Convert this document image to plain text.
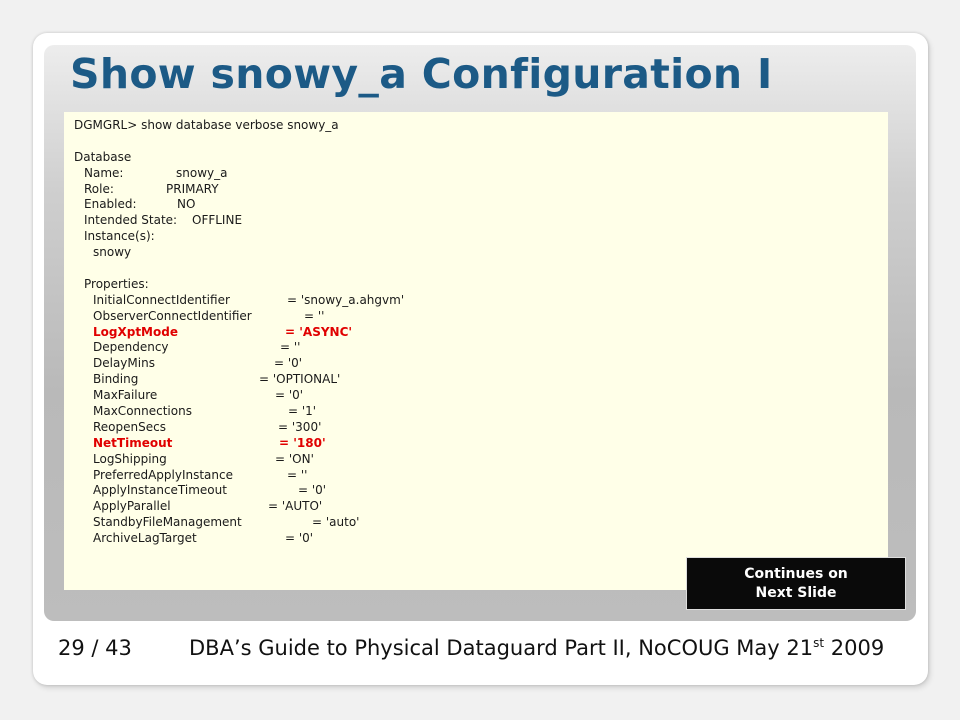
Show snowy_a Configuration I
DGMGRL> show database verbose snowy_a

Database
Name:	snowy_a
Role:	PRIMARY
Enabled:	NO
Intended State: OFFLINE
Instance(s):
snowy

Properties:
InitialConnectIdentifier	= 'snowy_a.ahgvm'
ObserverConnectIdentifier	= ''
LogXptMode	= 'ASYNC'
Dependency	= ''
DelayMins	= '0'
Binding	= 'OPTIONAL'
MaxFailure	= '0'
MaxConnections	= '1'
ReopenSecs	= '300'
NetTimeout	= '180'
LogShipping	= 'ON'
PreferredApplyInstance	= ''
ApplyInstanceTimeout	= '0'
ApplyParallel	= 'AUTO'
StandbyFileManagement	= 'auto'
ArchiveLagTarget	= '0'
Continues on
Next Slide
29 / 43	DBA’s Guide to Physical Dataguard Part II, NoCOUG May 21st 2009
